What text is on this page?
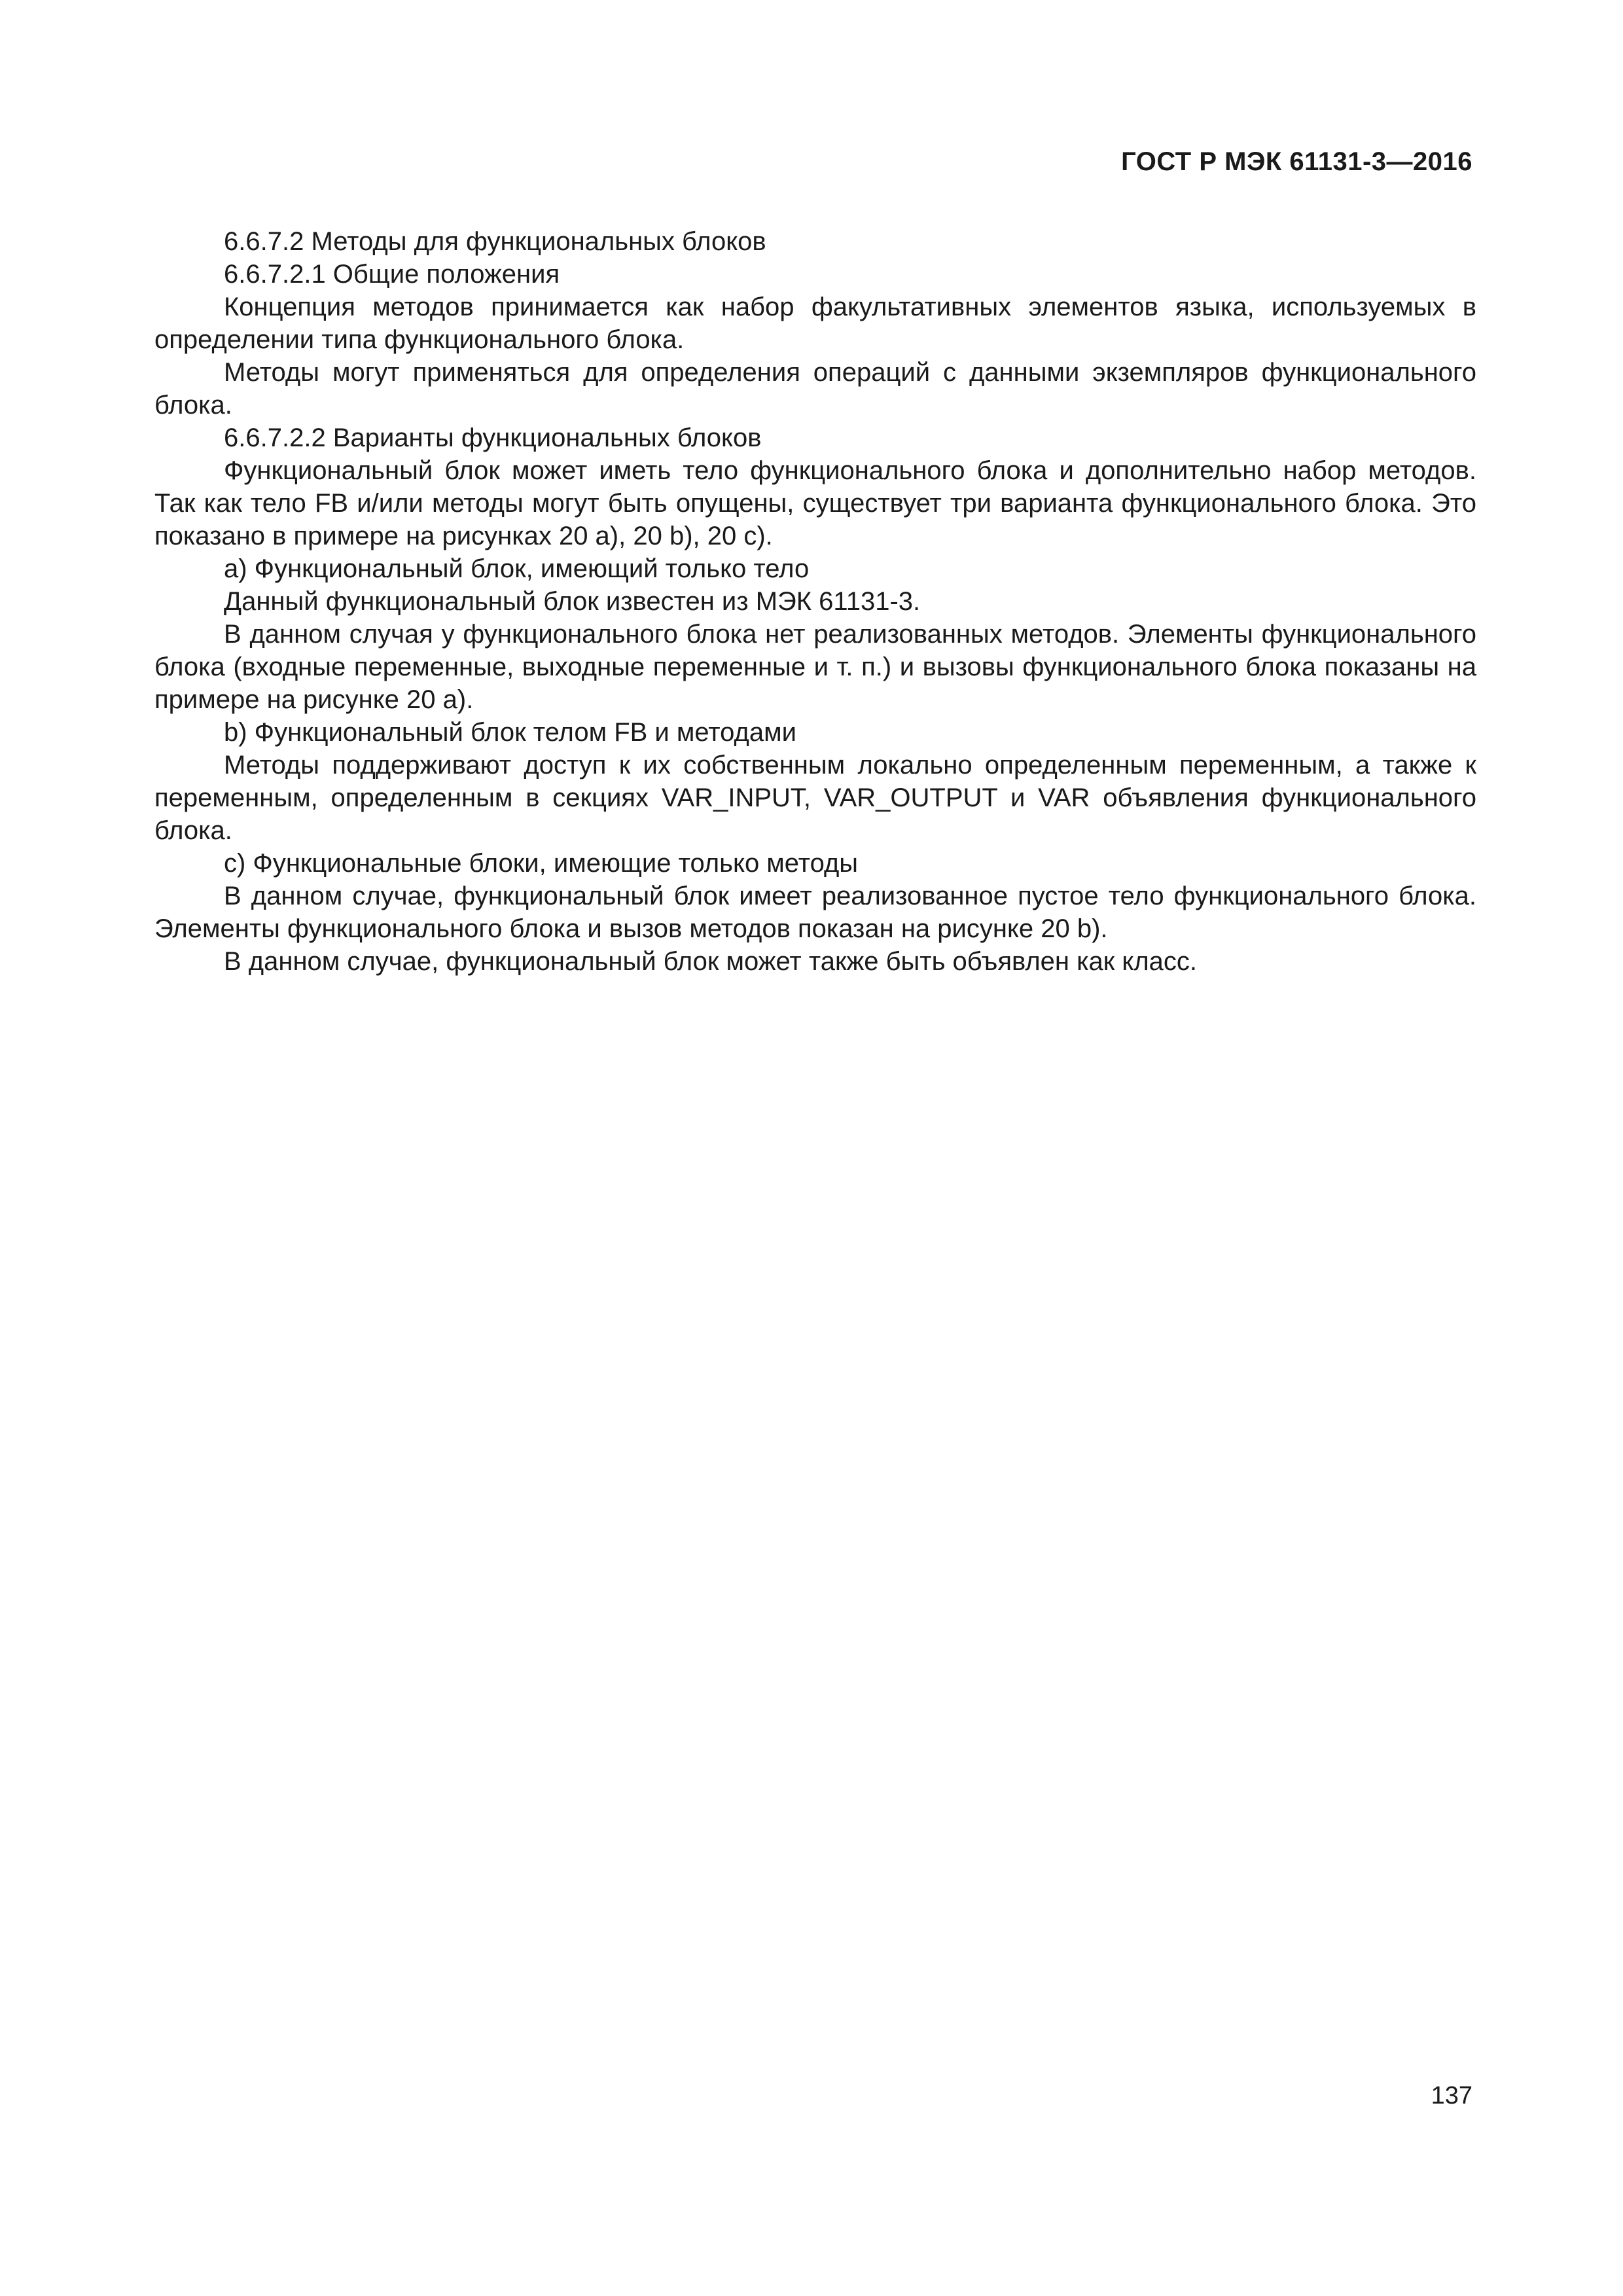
ГОСТ Р МЭК 61131-3—2016

6.6.7.2 Методы для функциональных блоков

6.6.7.2.1 Общие положения

Концепция методов принимается как набор факультативных элементов языка, используемых в определении типа функционального блока.

Методы могут применяться для определения операций с данными экземпляров функционального блока.

6.6.7.2.2 Варианты функциональных блоков

Функциональный блок может иметь тело функционального блока и дополнительно набор методов. Так как тело FB и/или методы могут быть опущены, существует три варианта функционального блока. Это показано в примере на рисунках 20 a), 20 b), 20 c).

a) Функциональный блок, имеющий только тело

Данный функциональный блок известен из МЭК 61131-3.

В данном случая у функционального блока нет реализованных методов. Элементы функционального блока (входные переменные, выходные переменные и т. п.) и вызовы функционального блока показаны на примере на рисунке 20 a).

b) Функциональный блок телом FB и методами

Методы поддерживают доступ к их собственным локально определенным переменным, а также к переменным, определенным в секциях VAR_INPUT, VAR_OUTPUT и VAR объявления функционального блока.

c) Функциональные блоки, имеющие только методы

В данном случае, функциональный блок имеет реализованное пустое тело функционального блока. Элементы функционального блока и вызов методов показан на рисунке 20 b).

В данном случае, функциональный блок может также быть объявлен как класс.

137
